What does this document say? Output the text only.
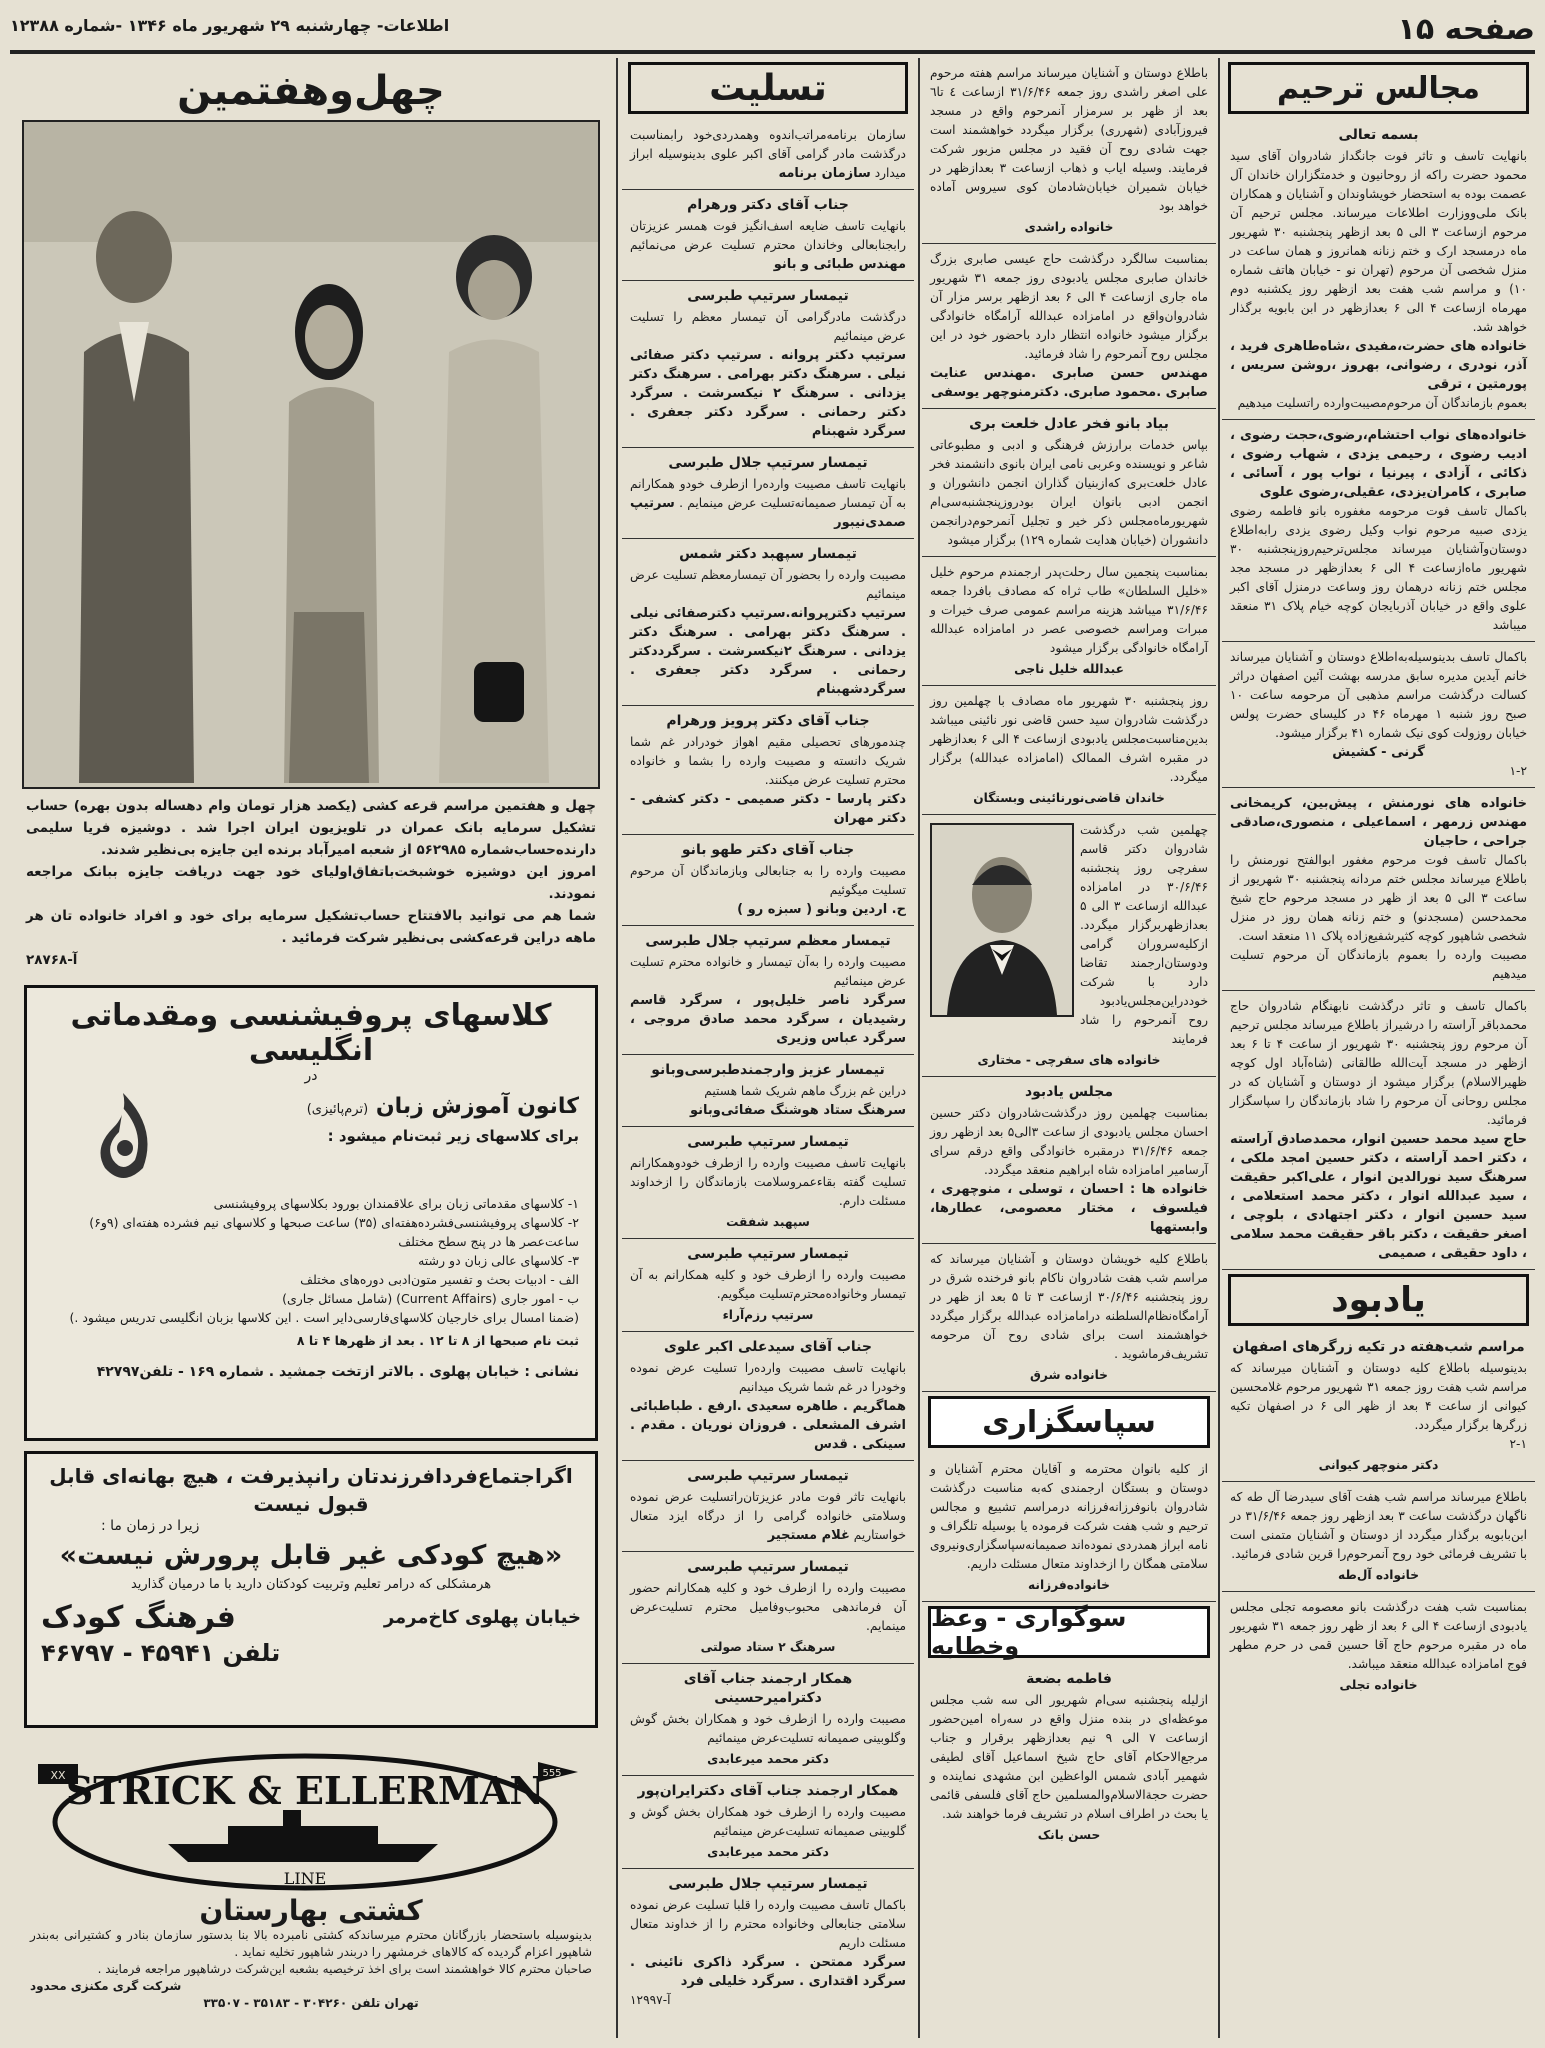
صفحه ۱۵
اطلاعات- چهارشنبه ۲۹ شهریور ماه ۱۳۴۶ -شماره ۱۲۳۸۸
مجالس ترحیم
بسمه تعالی
بانهایت تاسف و تاثر فوت جانگداز شادروان آقای سید محمود حضرت راکه از روحانیون و خدمتگزاران خاندان آل عصمت بوده به استحضار خویشاوندان و آشنایان و همکاران بانک ملی‌ووزارت اطلاعات میرساند. مجلس ترحیم آن مرحوم ازساعت ۳ الی ۵ بعد ازظهر پنجشنبه ۳۰ شهریور ماه درمسجد ارک و ختم زنانه همانروز و همان ساعت در منزل شخصی آن مرحوم (تهران نو - خیابان هاتف شماره ۱۰) و مراسم شب هفت بعد ازظهر روز یکشنبه دوم مهرماه ازساعت ۴ الی ۶ بعدازظهر در ابن بابویه برگذار خواهد شد.
خانواده های حضرت،مفیدی ،شاه‌طاهری فرید ، آذر، نودری ، رضوانی، بهروز ،روشن سریس ، پورمتین ، ترقی
بعموم بازماندگان آن مرحوم‌مصیبت‌وارده راتسلیت میدهیم
خانواده‌های نواب احتشام،رضوی،حجت رضوی ، ادیب رضوی ، رحیمی یزدی ، شهاب رضوی ، ذکائی ، آزادی ، پیرنیا ، نواب پور ، آسائی ، صابری ، کامران‌یزدی، عقیلی،رضوی علوی
باکمال تاسف فوت مرحومه مغفوره بانو فاطمه رضوی یزدی صبیه مرحوم نواب وکیل رضوی یزدی رابه‌اطلاع دوستان‌وآشنایان میرساند مجلس‌ترحیم‌روزپنجشنبه ۳۰ شهریور ماه‌ازساعت ۴ الی ۶ بعدازظهر در مسجد مجد مجلس ختم زنانه درهمان روز وساعت درمنزل آقای اکبر علوی واقع در خیابان آذربایجان کوچه خیام پلاک ۳۱ منعقد میباشد
باکمال تاسف بدینوسیله‌به‌اطلاع دوستان و آشنایان میرساند خانم آیدین مدیره سابق مدرسه بهشت آئین اصفهان دراثر کسالت درگذشت مراسم مذهبی آن مرحومه ساعت ۱۰ صبح روز شنبه ۱ مهرماه ۴۶ در کلیسای حضرت پولس خیابان روزولت کوی نیک شماره ۴۱ برگزار میشود.
گرنی - کشیش
۱-۲
خانواده های نورمنش ، پیش‌بین، کریمخانی مهندس زرمهر ، اسماعیلی ، منصوری،صادقی جراحی ، حاجیان
باکمال تاسف فوت مرحوم مغفور ابوالفتح نورمنش را باطلاع میرساند مجلس ختم مردانه پنجشنبه ۳۰ شهریور از ساعت ۳ الی ۵ بعد از ظهر در مسجد مرحوم حاج شیخ محمدحسن (مسجدنو) و ختم زنانه همان روز در منزل شخصی شاهپور کوچه کثیرشفیع‌زاده پلاک ۱۱ منعقد است.
مصیبت وارده را بعموم بازماندگان آن مرحوم تسلیت میدهیم
باکمال تاسف و تاثر درگذشت نابهنگام شادروان حاج محمدباقر آراسته را درشیراز باطلاع میرساند مجلس ترحیم آن مرحوم روز پنجشنبه ۳۰ شهریور از ساعت ۴ تا ۶ بعد ازظهر در مسجد آیت‌الله طالقانی (شاه‌آباد اول کوچه ظهیرالاسلام) برگزار میشود از دوستان و آشنایان که در مجلس روحانی آن مرحوم را شاد بازماندگان را سپاسگزار فرمائید.
حاج سید محمد حسین انوار، محمدصادق آراسته ، دکتر احمد آراسته ، دکتر حسین امجد ملکی ، سرهنگ سید نورالدین انوار ، علی‌اکبر حقیقت ، سید عبدالله انوار ، دکتر محمد استعلامی ، سید حسین انوار ، دکتر اجتهادی ، بلوچی ، اصغر حقیقت ، دکتر باقر حقیقت محمد سلامی ، داود حقیقی ، صمیمی
یادبود
مراسم شب‌هفته در تکیه زرگرهای اصفهان
بدینوسیله باطلاع کلیه دوستان و آشنایان میرساند که مراسم شب هفت روز جمعه ۳۱ شهریور مرحوم غلامحسین کیوانی از ساعت ۴ بعد از ظهر الی ۶ در اصفهان تکیه زرگرها برگزار میگردد.
۲-۱
دکتر منوچهر کیوانی
باطلاع میرساند مراسم شب هفت آقای سیدرضا آل طه که ناگهان درگذشت ساعت ۳ بعد ازظهر روز جمعه ۳۱/۶/۴۶ در ابن‌بابویه برگذار میگردد از دوستان و آشنایان متمنی است با تشریف فرمائی خود روح آنمرحوم‌را قرین شادی فرمائید.
خانواده آل‌طه
بمناسبت شب هفت درگذشت بانو معصومه تجلی مجلس یادبودی ازساعت ۴ الی ۶ بعد از ظهر روز جمعه ۳۱ شهریور ماه در مقبره مرحوم حاج آقا حسین قمی در حرم مطهر فوج امامزاده عبدالله منعقد میباشد.
خانواده تجلی
باطلاع دوستان و آشنایان میرساند مراسم هفته مرحوم علی اصغر راشدی روز جمعه ۳۱/۶/۴۶ ازساعت ٤ تا٦ بعد از ظهر بر سرمزار آنمرحوم واقع در مسجد فیروزآبادی (شهرری) برگزار میگردد خواهشمند است جهت شادی روح آن فقید در مجلس مزبور شرکت فرمایند. وسیله ایاب و ذهاب ازساعت ۳ بعدازظهر در خیابان شمیران خیابان‌شادمان کوی سیروس آماده خواهد بود
خانواده راشدی
بمناسبت سالگرد درگذشت حاج عیسی صابری بزرگ خاندان صابری مجلس یادبودی روز جمعه ۳۱ شهریور ماه جاری ازساعت ۴ الی ۶ بعد ازظهر برسر مزار آن شادروان‌واقع در امامزاده عبدالله آرامگاه خانوادگی برگزار میشود خانواده انتظار دارد باحضور خود در این مجلس روح آنمرحوم را شاد فرمائید.
مهندس حسن صابری .مهندس عنایت صابری .محمود صابری. دکترمنوچهر یوسفی
بیاد بانو فخر عادل خلعت بری
بپاس خدمات برارزش فرهنگی و ادبی و مطبوعاتی شاعر و نویسنده وعربی نامی ایران بانوی دانشمند فخر عادل خلعت‌بری که‌ازبنیان گذاران انجمن دانشوران و انجمن ادبی بانوان ایران بود‌روز‌پنجشنبه‌سی‌ام شهریورماه‌مجلس ذکر خیر و تجلیل آنمرحوم‌درانجمن دانشوران (خیابان هدایت شماره ۱۲۹) برگزار میشود
بمناسبت پنجمین سال رحلت‌پدر ارجمندم مرحوم خلیل «خلیل السلطان» طاب ثراه که مصادف بافردا جمعه ۳۱/۶/۴۶ میباشد هزینه مراسم عمومی صرف خیرات و مبرات ومراسم خصوصی عصر در امامزاده عبدالله آرامگاه خانوادگی برگزار میشود
عبدالله خلیل ناجی
روز پنجشنبه ۳۰ شهریور ماه مصادف با چهلمین روز درگذشت شادروان سید حسن قاضی نور نائینی میباشد بدین‌مناسبت‌مجلس یادبودی ازساعت ۴ الی ۶ بعدازظهر در مقبره اشرف الممالک (امامزاده عبدالله) برگزار میگردد.
خاندان قاضی‌نورنائینی وبستگان
چهلمین شب درگذشت شادروان دکتر قاسم سفرچی روز پنجشنبه ۳۰/۶/۴۶ در امامزاده عبدالله ازساعت ۳ الی ۵ بعدازظهربرگزار میگردد. ازکلیه‌سروران گرامی ودوستان‌ارجمند تقاضا دارد با شرکت خود‌دراین‌مجلس‌یادبود روح آنمرحوم را شاد فرمایند
خانواده های سفرچی - مختاری
مجلس یادبود
بمناسبت چهلمین روز درگذشت‌شادروان دکتر حسین احسان مجلس یادبودی از ساعت ۳الی۵ بعد ازظهر روز جمعه ۳۱/۶/۴۶ درمقبره خانوادگی واقع درقم سرای آرسامیر امامزاده شاه ابراهیم منعقد میگردد.
خانواده ها : احسان ، توسلی ، منوچهری ، فیلسوف ، مختار معصومی، عطارها، وابستهها
باطلاع کلیه خویشان دوستان و آشنایان میرساند که مراسم شب هفت شادروان ناکام بانو فرخنده شرق در روز پنجشنبه ۳۰/۶/۴۶ ازساعت ۳ تا ۵ بعد از ظهر در آرامگاه‌نظام‌السلطنه درامامزاده عبدالله برگزار میگردد خواهشمند است برای شادی روح آن مرحومه تشریف‌فرماشوید .
خانواده شرق
سپاسگزاری
از کلیه بانوان محترمه و آقایان محترم آشنایان و دوستان و بستگان ارجمندی که‌به مناسبت درگذشت شادروان بانوفرزانه‌فرزانه درمراسم تشییع و مجالس ترحیم و شب هفت شرکت فرموده یا بوسیله تلگراف و نامه ابراز همدردی نموده‌اند صمیمانه‌سپاسگزاری‌ونیروی سلامتی همگان را ازخداوند متعال مسئلت داریم.
خانواده‌فرزانه
سوگواری - وعظ وخطابه
فاطمه بضعة
ازلیله پنجشنبه سی‌ام شهریور الی سه شب مجلس موعظه‌ای در بنده منزل واقع در سه‌راه امین‌حضور ازساعت ۷ الی ۹ نیم بعدازظهر برقرار و جناب مرجع‌الاحکام آقای حاج شیخ اسماعیل آقای لطیفی شهمیر آبادی شمس الواعظین ابن مشهدی نماینده و حضرت حجة‌الاسلام‌والمسلمین حاج آقای فلسفی قائمی یا بحث در اطراف اسلام در تشریف فرما خواهند شد.
حسن بانک
تسلیت
سازمان برنامه‌مراتب‌اندوه وهمدردی‌خود رابمناسبت درگذشت مادر گرامی آقای اکبر علوی بدینوسیله ابراز میدارد سازمان برنامه
جناب آقای دکتر ورهرام
بانهایت تاسف ضایعه اسف‌انگیز فوت همسر عزیزتان رابجنابعالی وخاندان محترم تسلیت عرض می‌نمائیم مهندس طبائی و بانو
تیمسار سرتیپ طبرسی
درگذشت مادرگرامی آن تیمسار معظم را تسلیت عرض مینمائیم
سرتیپ دکتر پروانه . سرتیپ دکتر صفائی نیلی . سرهنگ دکتر بهرامی . سرهنگ دکتر یزدانی . سرهنگ ۲ نیکسرشت . سرگرد دکتر رحمانی . سرگرد دکتر جعفری . سرگرد شهبنام
تیمسار سرتیپ جلال طبرسی
بانهایت تاسف مصیبت وارده‌را ازطرف خودو همکارانم به آن تیمسار صمیمانه‌تسلیت عرض مینمایم . سرتیپ صمدی‌نیبور
تیمسار سپهبد دکتر شمس
مصیبت وارده را بحضور آن تیمسارمعظم تسلیت عرض مینمائیم
سرتیپ دکترپروانه.سرتیپ دکترصفائی نیلی . سرهنگ دکتر بهرامی . سرهنگ دکتر یزدانی . سرهنگ ۲نیکسرشت . سرگرددکتر رحمانی . سرگرد دکتر جعفری . سرگردشهبنام
جناب آقای دکتر پرویز ورهرام
چندمورهای تحصیلی مقیم اهواز خودرادر غم شما شریک دانسته و مصیبت وارده را بشما و خانواده محترم تسلیت عرض میکنند.
دکتر پارسا - دکتر صمیمی - دکتر کشفی - دکتر مهران
جناب آقای دکتر طهو بانو
مصیبت وارده را به جنابعالی وبازماندگان آن مرحوم تسلیت میگوئیم
ح. اردین وبانو ( سبزه رو )
تیمسار معظم سرتیپ جلال طبرسی
مصیبت وارده را به‌آن تیمسار و خانواده محترم تسلیت عرض مینمائیم
سرگرد ناصر خلیل‌پور ، سرگرد قاسم رشیدیان ، سرگرد محمد صادق مروجی ، سرگرد عباس وزیری
تیمسار عزیز وارجمندطبرسی‌وبانو
دراین غم بزرگ ماهم شریک شما هستیم
سرهنگ ستاد هوشنگ صفائی‌وبانو
تیمسار سرتیپ طبرسی
بانهایت تاسف مصیبت وارده را ازطرف خودوهمکارانم تسلیت گفته بقاءعمروسلامت بازماندگان را ازخداوند مسئلت دارم.
سپهبد شفقت
تیمسار سرتیپ طبرسی
مصیبت وارده را ازطرف خود و کلیه همکارانم به آن تیمسار و‌خانواده‌محترم‌تسلیت میگویم.
سرتیپ رزم‌آراء
جناب آقای سیدعلی اکبر علوی
بانهایت تاسف مصیبت وارده‌را تسلیت عرض نموده وخودرا در غم شما شریک میدانیم
هماگریم . طاهره سعیدی .ارفع . طباطبائی اشرف المشعلی . فروزان نوریان . مقدم . سینکی . قدس
تیمسار سرتیپ طبرسی
بانهایت تاثر فوت مادر عزیزتان‌راتسلیت عرض نموده وسلامتی خانواده گرامی را از درگاه ایزد متعال خواستاریم غلام مستجیر
تیمسار سرتیپ طبرسی
مصیبت وارده را ازطرف خود و کلیه همکارانم حضور آن فرماندهی محبوب‌وفامیل محترم تسلیت‌عرض مینمایم.
سرهنگ ۲ ستاد صولتی
همکار ارجمند جناب آقای دکترامیرحسینی
مصیبت وارده را ازطرف خود و همکاران بخش گوش وگلوبینی صمیمانه تسلیت‌عرض مینمائیم
دکتر محمد میرعابدی
همکار ارجمند جناب آقای دکترایران‌پور
مصیبت وارده را ازطرف خود همکاران بخش گوش و گلوبینی صمیمانه تسلیت‌عرض مینمائیم
دکتر محمد میرعابدی
تیمسار سرتیپ جلال طبرسی
باکمال تاسف مصیبت وارده را قلبا تسلیت عرض نموده سلامتی جنابعالی وخانواده محترم را از خداوند متعال مسئلت داریم
سرگرد ممتحن . سرگرد ذاکری نائینی . سرگرد اقتداری . سرگرد خلیلی فرد
آ-۱۲۹۹۷
چهل‌وهفتمین
چهل و هفتمین مراسم قرعه کشی (یکصد هزار تومان وام دهساله بدون بهره) حساب تشکیل سرمایه بانک عمران در تلویزیون ایران اجرا شد . دوشیزه فریا سلیمی دارنده‌حساب‌شماره ۵۶۲۹۸۵ از شعبه امیرآباد برنده این جایزه بی‌نظیر شدند.
امروز این دوشیزه خوشبخت‌باتفاق‌اولیای خود جهت دریافت جایزه ببانک مراجعه نمودند.
شما هم می توانید بالافتتاح حساب‌تشکیل سرمایه برای خود و افراد خانواده تان هر ماهه دراین قرعه‌کشی بی‌نظیر شرکت فرمائید .
آ-۲۸۷۶۸
کلاسهای پروفیشنسی ومقدماتی انگلیسی
در
کانون آموزش زبان (ترم‌پائیزی)
برای کلاسهای زیر ثبت‌نام میشود :
۱- کلاسهای مقدماتی زبان برای علاقمندان بورود بکلاسهای پروفیشنسی
۲- کلاسهای پروفیشنسی‌فشرده‌هفته‌ای (۳۵) ساعت صبحها و کلاسهای نیم فشرده هفته‌ای (۹و۶) ساعت‌عصر ها در پنج سطح مختلف
۳- کلاسهای عالی زبان دو رشته
الف - ادبیات بحث و تفسیر متون‌ادبی دوره‌های مختلف
ب - امور جاری (Current Affairs) (شامل مسائل جاری)
(ضمنا امسال برای خارجیان کلاسهای‌فارسی‌دایر است . این کلاسها بزبان انگلیسی تدریس میشود .)
ثبت نام صبحها از ۸ تا ۱۲ . بعد از ظهرها ۴ تا ۸
نشانی : خیابان پهلوی . بالاتر ازتخت جمشید . شماره ۱۶۹ - تلفن۴۲۷۹۷
اگراجتماع‌فردا‌فرزندتان رانپذیرفت ، هیچ بهانه‌ای قابل قبول نیست
زیرا در زمان ما :
«هیچ کودکی غیر قابل پرورش نیست»
هرمشکلی که درامر تعلیم وتربیت کودکتان دارید با ما درمیان گذارید
خیابان پهلوی کاخ‌مرمر
فرهنگ کودک
تلفن ۴۵۹۴۱ - ۴۶۷۹۷
STRICK & ELLERMAN
LINE
XX	555
کشتی بهارستان
بدینوسیله باستحضار بازرگانان محترم میرساندکه کشتی نامبرده بالا بنا بدستور سازمان بنادر و کشتیرانی به‌بندر شاهپور اعزام گردیده که کالاهای خرمشهر را دربندر شاهپور تخلیه نماید .
صاحبان محترم کالا خواهشمند است برای اخذ ترخیصیه بشعبه این‌شرکت درشاهپور مراجعه فرمایند .
شرکت گری مکنزی محدود
تهران تلفن ۳۰۴۲۶۰ - ۳۵۱۸۳ - ۳۳۵۰۷
